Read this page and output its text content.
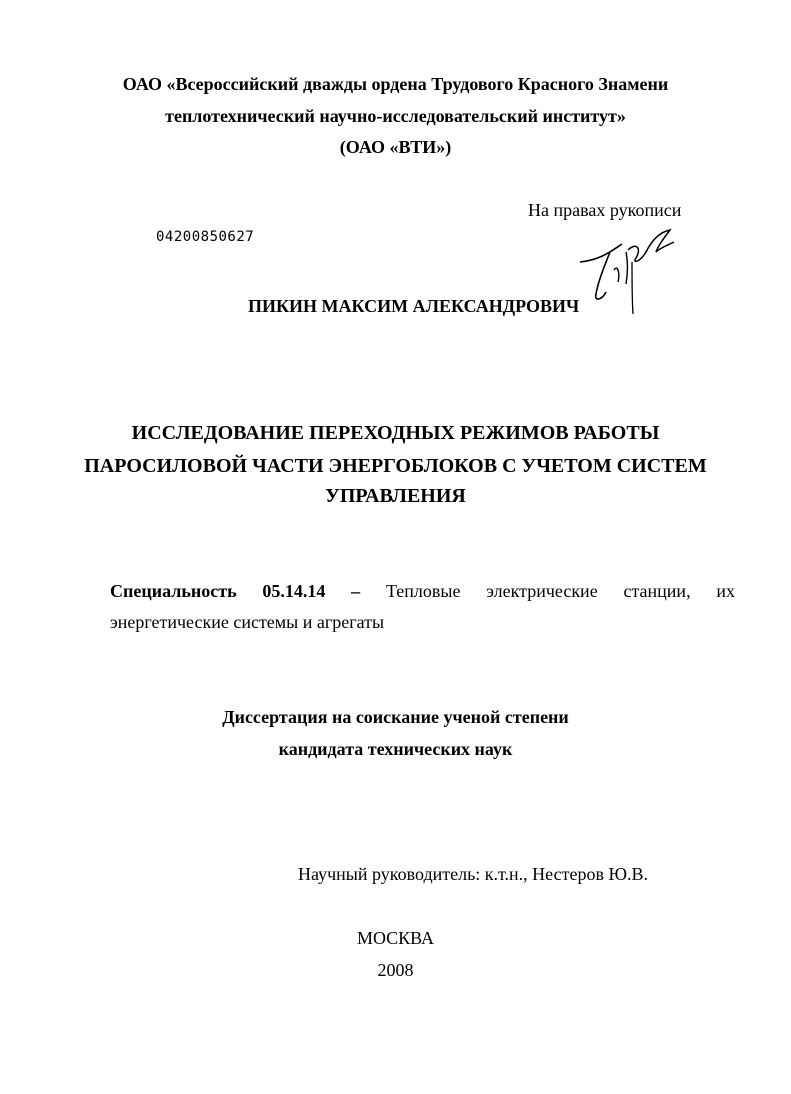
ОАО «Всероссийский дважды ордена Трудового Красного Знамени
теплотехнический научно-исследовательский институт»
(ОАО «ВТИ»)
На правах рукописи
04200850627
ПИКИН МАКСИМ АЛЕКСАНДРОВИЧ
ИССЛЕДОВАНИЕ ПЕРЕХОДНЫХ РЕЖИМОВ РАБОТЫ
ПАРОСИЛОВОЙ ЧАСТИ ЭНЕРГОБЛОКОВ С УЧЕТОМ СИСТЕМ
УПРАВЛЕНИЯ
Специальность 05.14.14 – Тепловые электрические станции, их
энергетические системы и агрегаты
Диссертация на соискание ученой степени
кандидата технических наук
Научный руководитель: к.т.н., Нестеров Ю.В.
МОСКВА
2008
